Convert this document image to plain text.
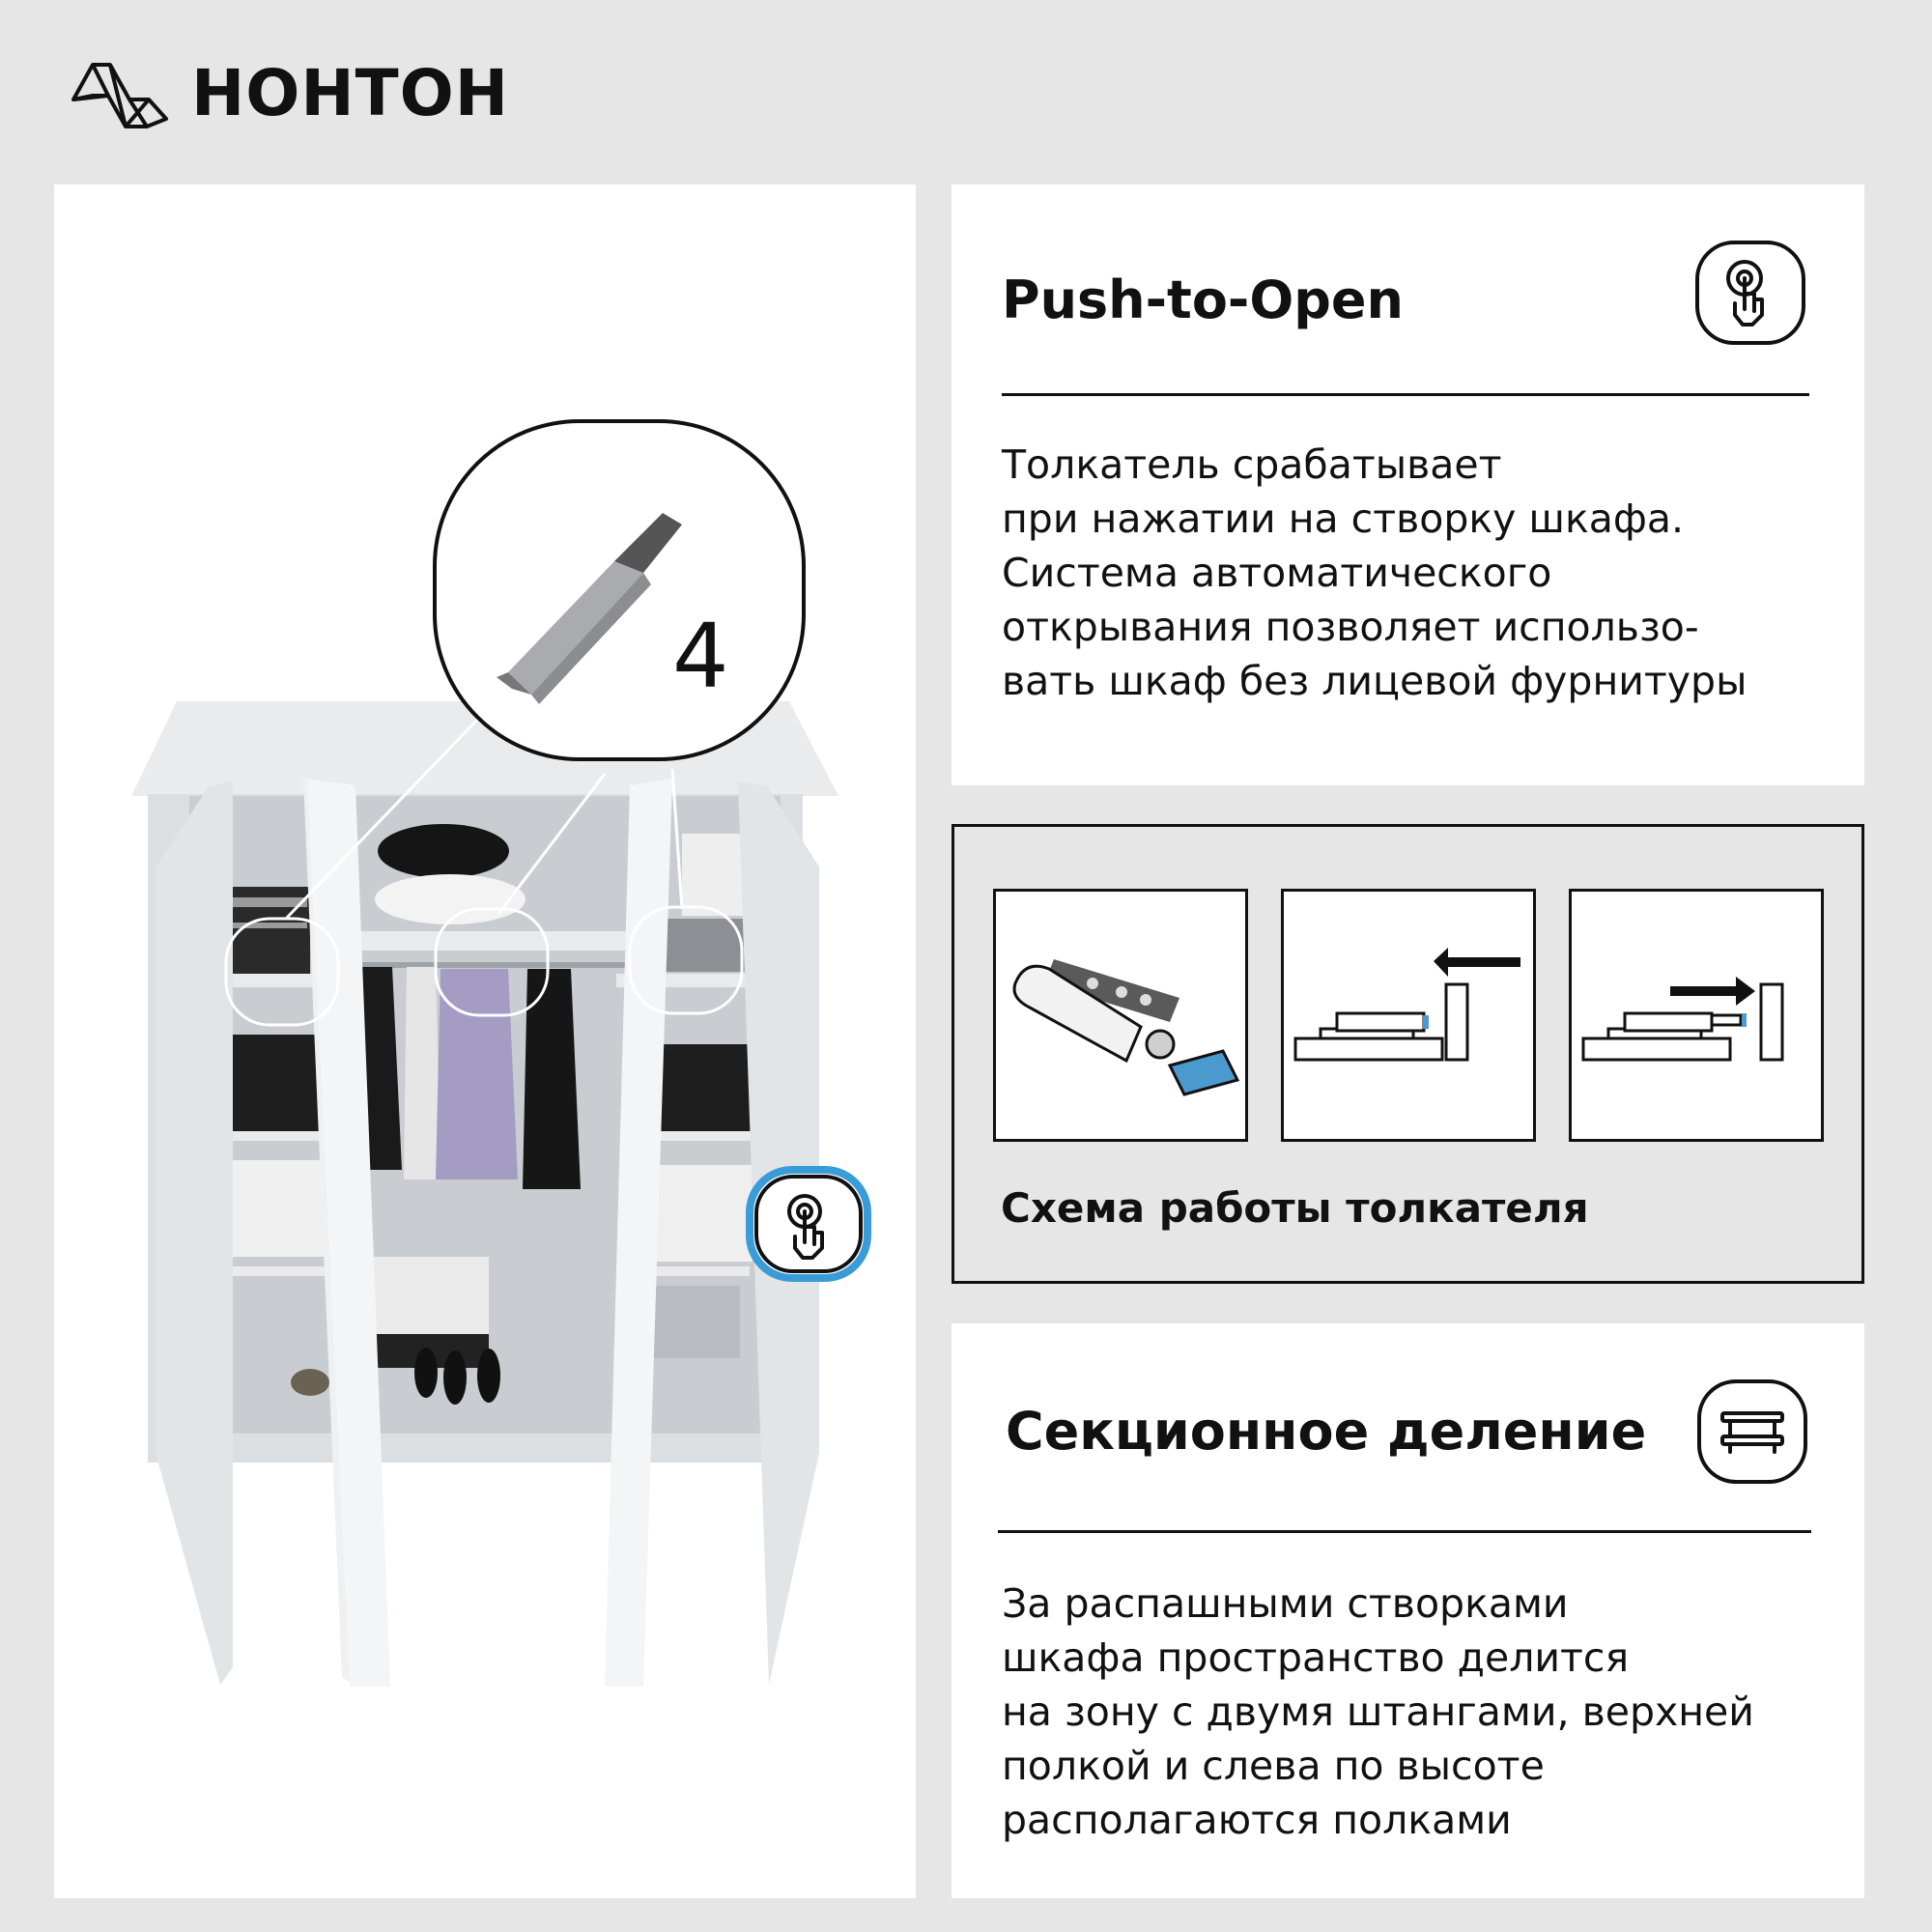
НОНТОН
4
Push-to-Open
Толкатель срабатывает
при нажатии на створку шкафа.
Система автоматического
открывания позволяет использо-
вать шкаф без лицевой фурнитуры
Схема работы толкателя
Секционное деление
За распашными створками
шкафа пространство делится
на зону с двумя штангами, верхней
полкой и слева по высоте
располагаются полками
